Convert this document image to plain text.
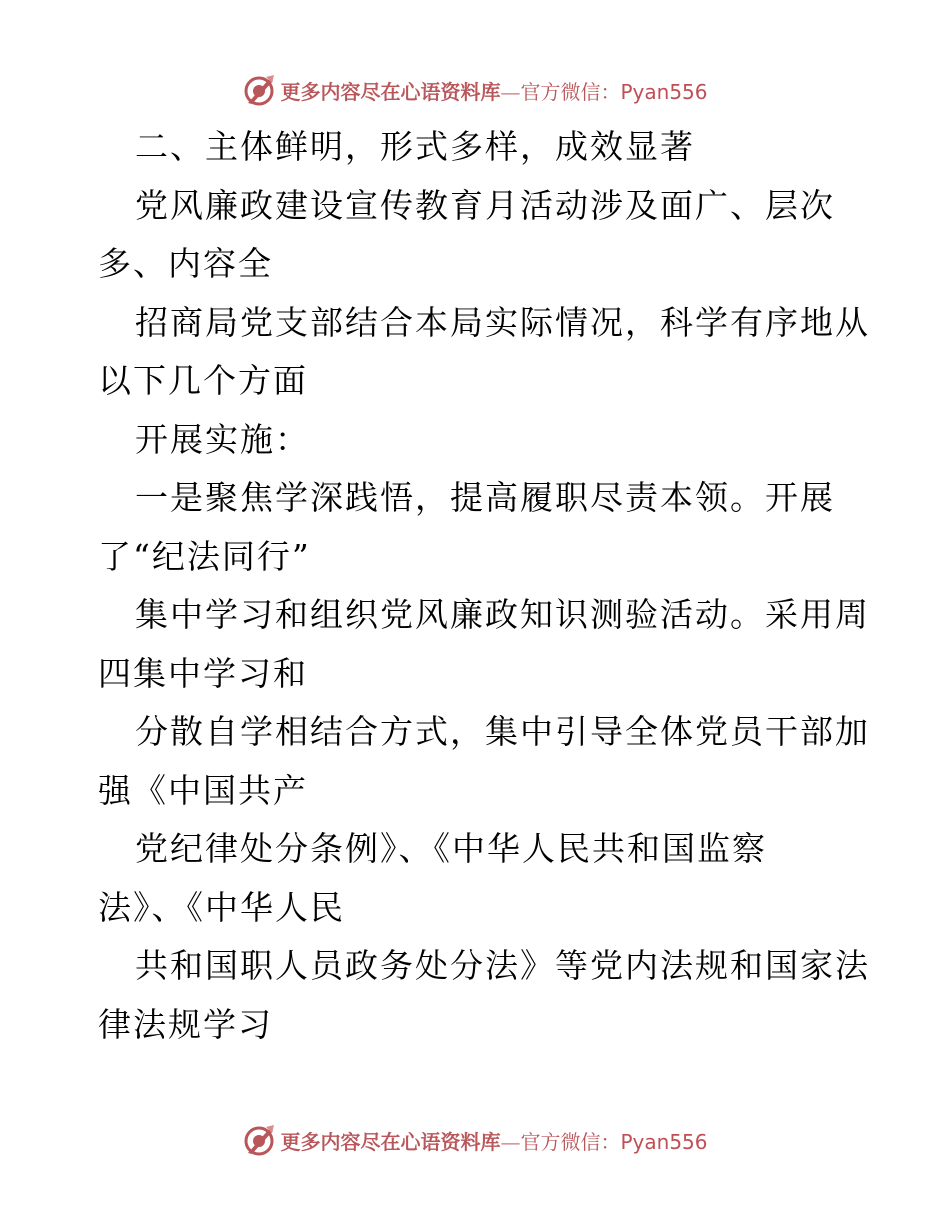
更多内容尽在心语资料库—官方微信：Pyan556
二、主体鲜明，形式多样，成效显著
党风廉政建设宣传教育月活动涉及面广、层次
多、内容全
招商局党支部结合本局实际情况，科学有序地从
以下几个方面
开展实施：
一是聚焦学深践悟，提高履职尽责本领。开展
了“纪法同行”
集中学习和组织党风廉政知识测验活动。采用周
四集中学习和
分散自学相结合方式，集中引导全体党员干部加
强《中国共产
党纪律处分条例》、《中华人民共和国监察
法》、《中华人民
共和国职人员政务处分法》等党内法规和国家法
律法规学习
更多内容尽在心语资料库—官方微信：Pyan556
